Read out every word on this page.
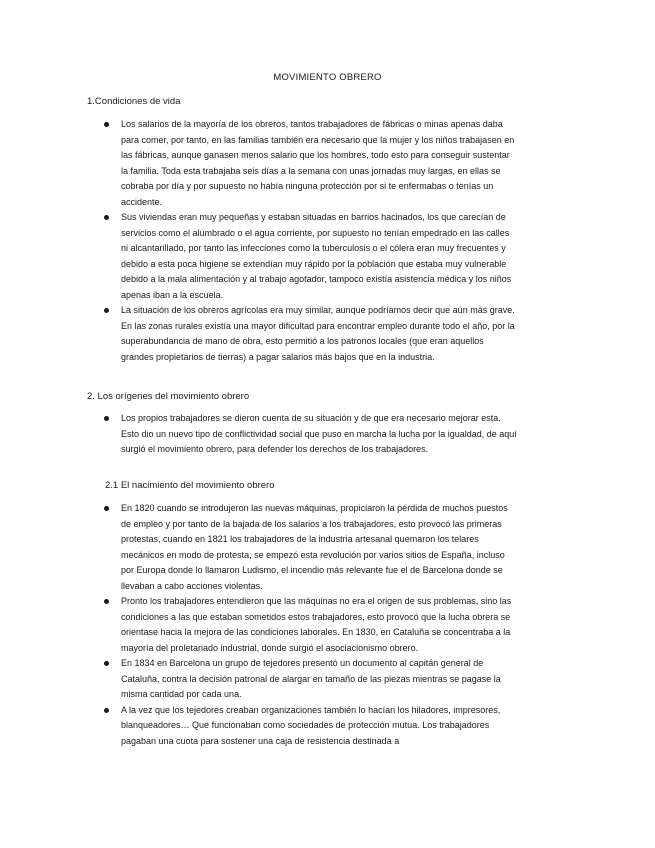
MOVIMIENTO OBRERO
1.Condiciones de vida
Los salarios de la mayoría de los obreros, tantos trabajadores de fábricas o minas apenas daba para comer, por tanto, en las familias también era necesario que la mujer y los niños trabajasen en las fábricas, aunque ganasen menos salario que los hombres, todo esto para conseguir sustentar la familia. Toda esta trabajaba seis días a la semana con unas jornadas muy largas, en ellas se cobraba por día y por supuesto no había ninguna protección por si te enfermabas o tenías un accidente.
Sus viviendas eran muy pequeñas y estaban situadas en barrios hacinados, los que carecían de servicios como el alumbrado o el agua corriente, por supuesto no tenían empedrado en las calles ni alcantarillado, por tanto las infecciones como la tuberculosis o el cólera eran muy frecuentes y debido a esta poca higiene se extendían muy rápido por la población que estaba muy vulnerable debido a la mala alimentación y al trabajo agotador, tampoco existía asistencia médica y los niños apenas iban a la escuela.
La situación de los obreros agrícolas era muy similar, aunque podríamos decir que aún más grave. En las zonas rurales existía una mayor dificultad para encontrar empleo durante todo el año, por la superabundancia de mano de obra, esto permitió a los patronos locales (que eran aquellos grandes propietarios de tierras) a pagar salarios más bajos que en la industria.
2. Los orígenes del movimiento obrero
Los propios trabajadores se dieron cuenta de su situación y de que era necesario mejorar esta. Esto dio un nuevo tipo de conflictividad social que puso en marcha la lucha por la igualdad, de aquí surgió el movimiento obrero, para defender los derechos de los trabajadores.
2.1 El nacimiento del movimiento obrero
En 1820 cuando se introdujeron las nuevas máquinas, propiciaron la pérdida de muchos puestos de empleo y por tanto de la bajada de los salarios a los trabajadores, esto provocó las primeras protestas, cuando en 1821 los trabajadores de la industria artesanal quemaron los telares mecánicos en modo de protesta, se empezó esta revolución por varios sitios de España, incluso por Europa donde lo llamaron Ludismo, el incendio más relevante fue el de Barcelona donde se llevaban a cabo acciones violentas.
Pronto los trabajadores entendieron que las máquinas no era el origen de sus problemas, sino las condiciones a las que estaban sometidos estos trabajadores, esto provocó que la lucha obrera se orientase hacia la mejora de las condiciones laborales. En 1830, en Cataluña se concentraba a la mayoría del proletariado industrial, donde surgió el asociacionismo obrero.
En 1834 en Barcelona un grupo de tejedores presentó un documento al capitán general de Cataluña, contra la decisión patronal de alargar en tamaño de las piezas mientras se pagase la misma cantidad por cada una.
A la vez que los tejedores creaban organizaciones también lo hacían los hiladores, impresores, blanqueadores… Que funcionaban como sociedades de protección mutua. Los trabajadores pagaban una cuota para sostener una caja de resistencia destinada a
